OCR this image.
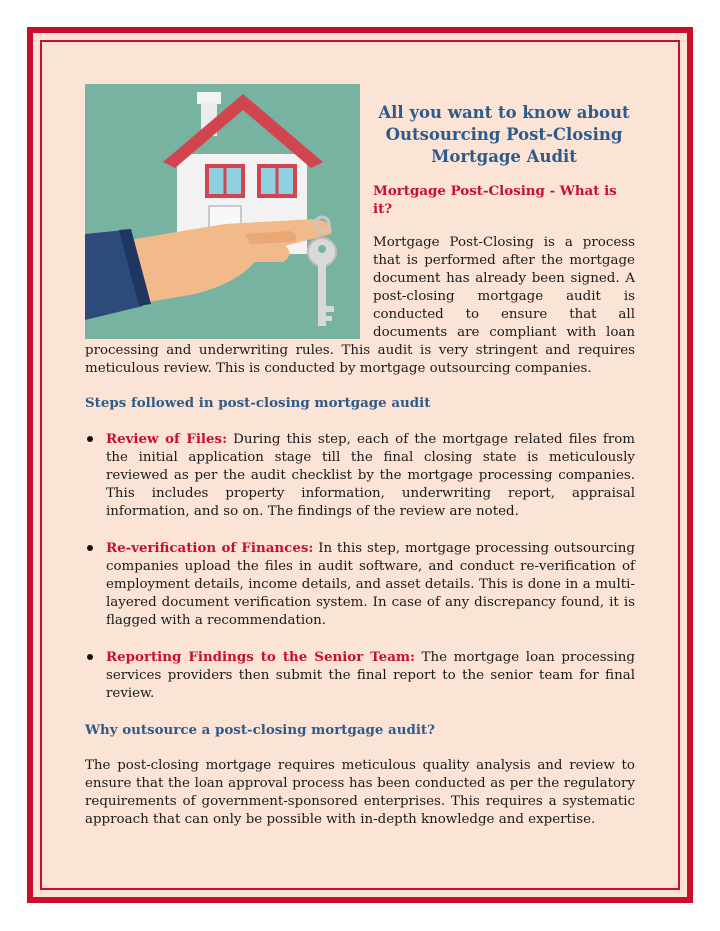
All you want to know about Outsourcing Post-Closing Mortgage Audit
Mortgage Post-Closing - What is it?

Mortgage Post-Closing is a process that is performed after the mortgage document has already been signed. A post-closing mortgage audit is conducted to ensure that all documents are compliant with loan processing and underwriting rules. This audit is very stringent and requires meticulous review. This is conducted by mortgage outsourcing companies.

Steps followed in post-closing mortgage audit
Review of Files: During this step, each of the mortgage related files from the initial application stage till the final closing state is meticulously reviewed as per the audit checklist by the mortgage processing companies. This includes property information, underwriting report, appraisal information, and so on. The findings of the review are noted.
Re-verification of Finances: In this step, mortgage processing outsourcing companies upload the files in audit software, and conduct re-verification of employment details, income details, and asset details. This is done in a multi-layered document verification system. In case of any discrepancy found, it is flagged with a recommendation.
Reporting Findings to the Senior Team: The mortgage loan processing services providers then submit the final report to the senior team for final review.
Why outsource a post-closing mortgage audit?

The post-closing mortgage requires meticulous quality analysis and review to ensure that the loan approval process has been conducted as per the regulatory requirements of government-sponsored enterprises. This requires a systematic approach that can only be possible with in-depth knowledge and expertise.
